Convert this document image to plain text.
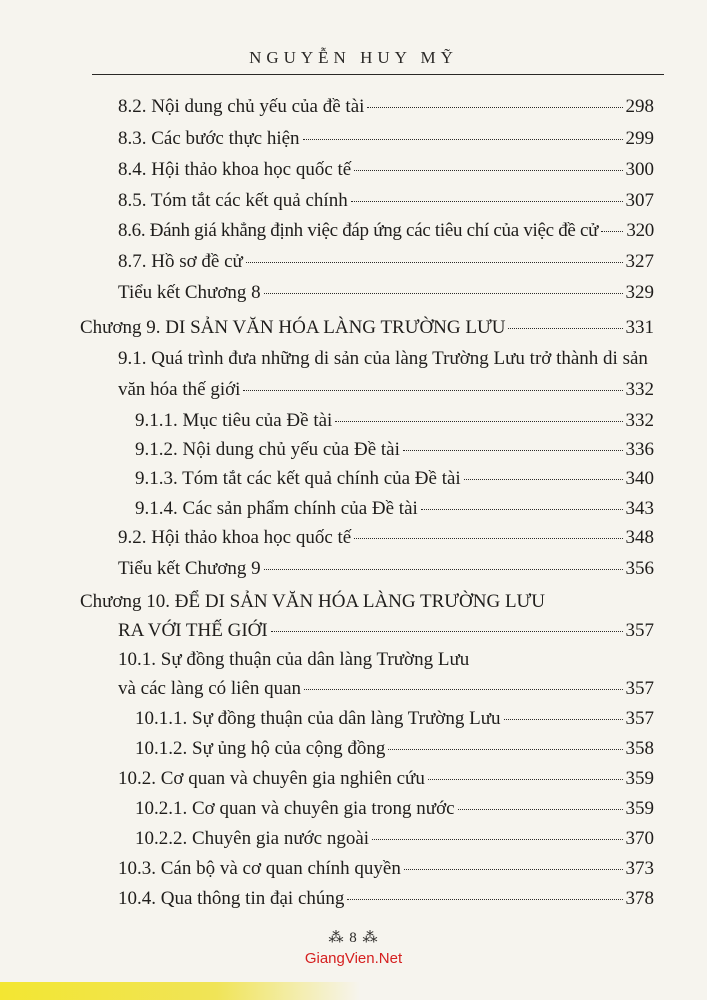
NGUYỄN HUY MỸ
8.2. Nội dung chủ yếu của đề tài	298
8.3. Các bước thực hiện	299
8.4. Hội thảo khoa học quốc tế	300
8.5. Tóm tắt các kết quả chính	307
8.6. Đánh giá khẳng định việc đáp ứng các tiêu chí của việc đề cử 320
8.7. Hồ sơ đề cử	327
Tiểu kết Chương 8	329
Chương 9. DI SẢN VĂN HÓA LÀNG TRƯỜNG LƯU	331
9.1. Quá trình đưa những di sản của làng Trường Lưu trở thành di sản
văn hóa thế giới	332
9.1.1. Mục tiêu của Đề tài	332
9.1.2. Nội dung chủ yếu của Đề tài	336
9.1.3. Tóm tắt các kết quả chính của Đề tài	340
9.1.4. Các sản phẩm chính của Đề tài	343
9.2. Hội thảo khoa học quốc tế	348
Tiểu kết Chương 9	356
Chương 10. ĐỂ DI SẢN VĂN HÓA LÀNG TRƯỜNG LƯU
RA VỚI THẾ GIỚI	357
10.1. Sự đồng thuận của dân làng Trường Lưu
và các làng có liên quan	357
10.1.1. Sự đồng thuận của dân làng Trường Lưu	357
10.1.2. Sự ủng hộ của cộng đồng	358
10.2. Cơ quan và chuyên gia nghiên cứu	359
10.2.1. Cơ quan và chuyên gia trong nước	359
10.2.2. Chuyên gia nước ngoài	370
10.3. Cán bộ và cơ quan chính quyền	373
10.4. Qua thông tin đại chúng	378
⁂ 8 ⁂
GiangVien.Net
